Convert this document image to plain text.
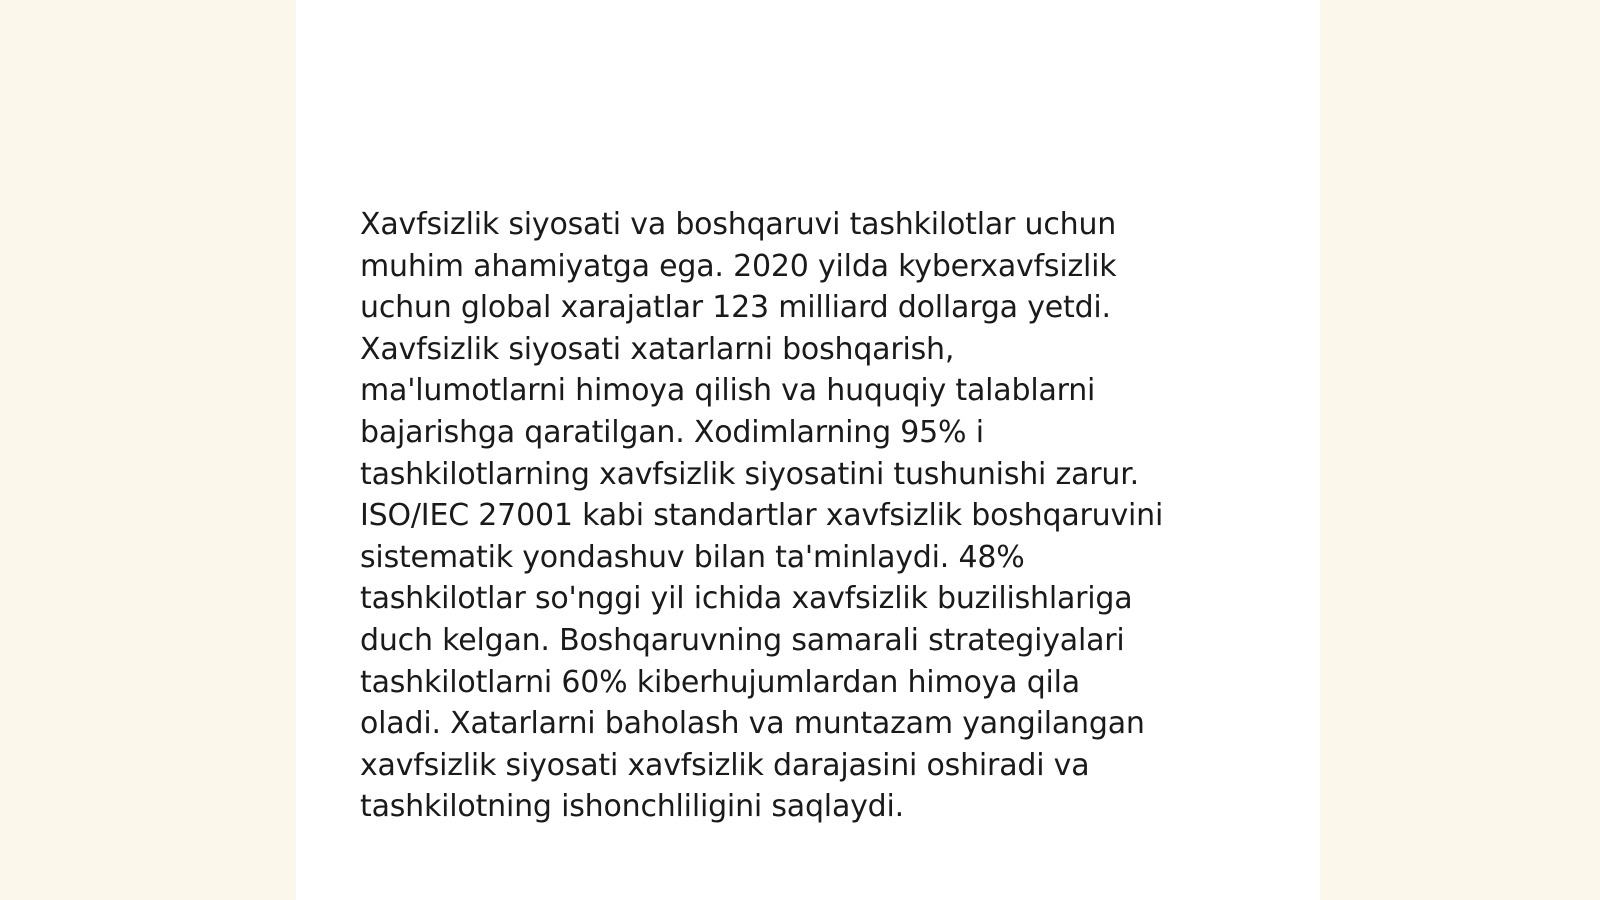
Xavfsizlik siyosati va boshqaruvi tashkilotlar uchun
muhim ahamiyatga ega. 2020 yilda kyberxavfsizlik
uchun global xarajatlar 123 milliard dollarga yetdi.
Xavfsizlik siyosati xatarlarni boshqarish,
ma'lumotlarni himoya qilish va huquqiy talablarni
bajarishga qaratilgan. Xodimlarning 95% i
tashkilotlarning xavfsizlik siyosatini tushunishi zarur.
ISO/IEC 27001 kabi standartlar xavfsizlik boshqaruvini
sistematik yondashuv bilan ta'minlaydi. 48%
tashkilotlar so'nggi yil ichida xavfsizlik buzilishlariga
duch kelgan. Boshqaruvning samarali strategiyalari
tashkilotlarni 60% kiberhujumlardan himoya qila
oladi. Xatarlarni baholash va muntazam yangilangan
xavfsizlik siyosati xavfsizlik darajasini oshiradi va
tashkilotning ishonchliligini saqlaydi.
